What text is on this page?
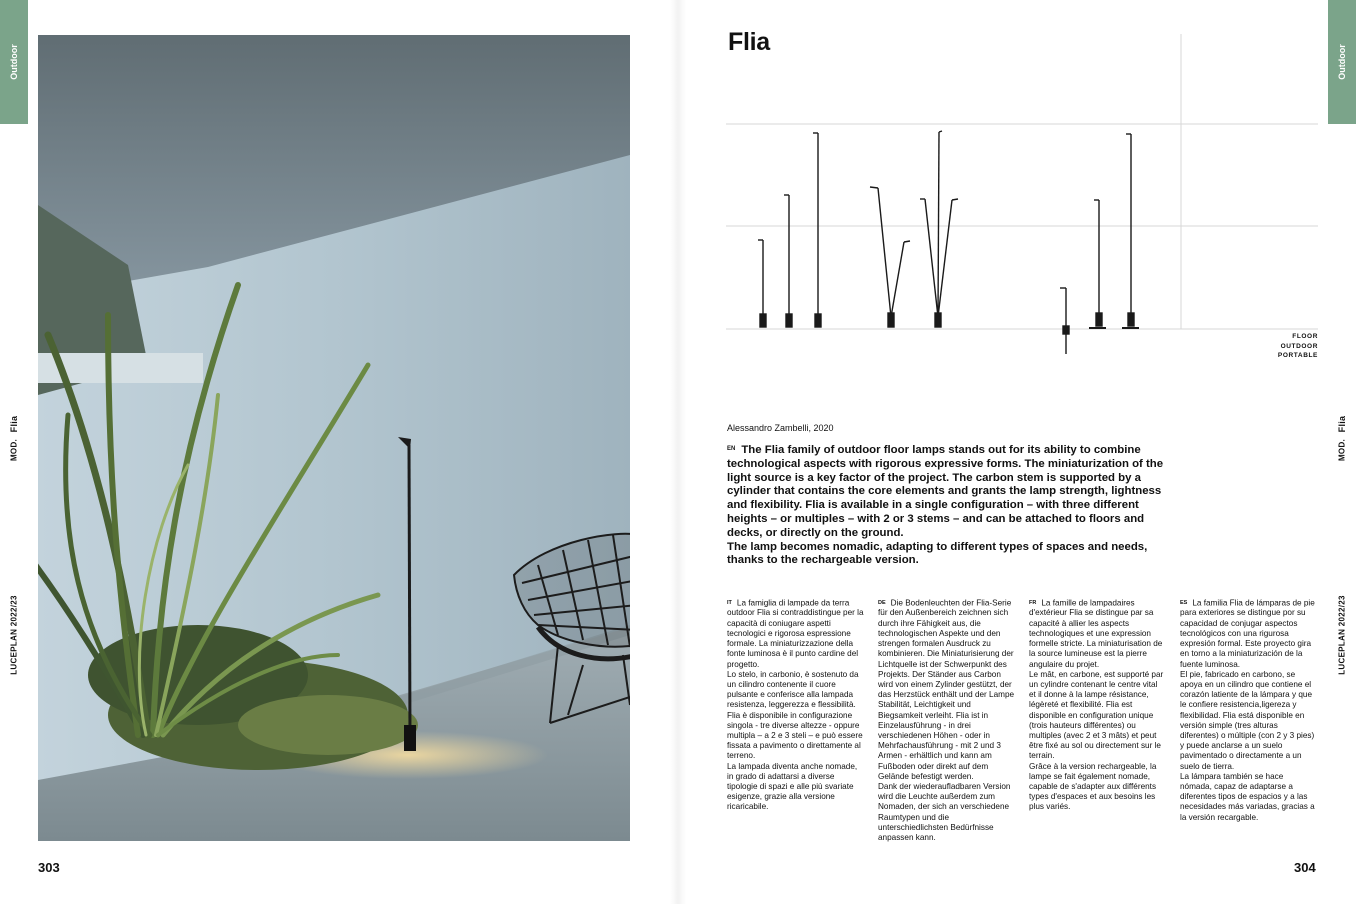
Outdoor
MOD.
Flia
LUCEPLAN 2022/23
303
Flia
FLOOR
OUTDOOR
PORTABLE
Alessandro Zambelli, 2020

EN The Flia family of outdoor floor lamps stands out for its ability to combine technological aspects with rigorous expressive forms. The miniaturization of the light source is a key factor of the project. The carbon stem is supported by a cylinder that contains the core elements and grants the lamp strength, lightness and flexibility. Flia is available in a single configuration – with three different heights – or multiples – with 2 or 3 stems – and can be attached to floors and decks, or directly on the ground.

The lamp becomes nomadic, adapting to different types of spaces and needs, thanks to the rechargeable version.

IT La famiglia di lampade da terra outdoor Flia si contraddistingue per la capacità di coniugare aspetti tecnologici e rigorosa espressione formale. La miniaturizzazione della fonte luminosa è il punto cardine del progetto.

Lo stelo, in carbonio, è sostenuto da un cilindro contenente il cuore pulsante e conferisce alla lampada resistenza, leggerezza e flessibilità. Flia è disponibile in configurazione singola - tre diverse altezze - oppure multipla – a 2 e 3 steli – e può essere fissata a pavimento o direttamente al terreno.

La lampada diventa anche nomade, in grado di adattarsi a diverse tipologie di spazi e alle più svariate esigenze, grazie alla versione ricaricabile.

DE Die Bodenleuchten der Flia-Serie für den Außenbereich zeichnen sich durch ihre Fähigkeit aus, die technologischen Aspekte und den strengen formalen Ausdruck zu kombinieren. Die Miniaturisierung der Lichtquelle ist der Schwerpunkt des Projekts. Der Ständer aus Carbon wird von einem Zylinder gestützt, der das Herzstück enthält und der Lampe Stabilität, Leichtigkeit und Biegsamkeit verleiht. Flia ist in Einzelausführung - in drei verschiedenen Höhen - oder in Mehrfachausführung - mit 2 und 3 Armen - erhältlich und kann am Fußboden oder direkt auf dem Gelände befestigt werden.

Dank der wiederaufladbaren Version wird die Leuchte außerdem zum Nomaden, der sich an verschiedene Raumtypen und die unterschiedlichsten Bedürfnisse anpassen kann.

FR La famille de lampadaires d'extérieur Flia se distingue par sa capacité à allier les aspects technologiques et une expression formelle stricte. La miniaturisation de la source lumineuse est la pierre angulaire du projet.

Le mât, en carbone, est supporté par un cylindre contenant le centre vital et il donne à la lampe résistance, légèreté et flexibilité. Flia est disponible en configuration unique (trois hauteurs différentes) ou multiples (avec 2 et 3 mâts) et peut être fixé au sol ou directement sur le terrain.

Grâce à la version rechargeable, la lampe se fait également nomade, capable de s'adapter aux différents types d'espaces et aux besoins les plus variés.

ES La familia Flia de lámparas de pie para exteriores se distingue por su capacidad de conjugar aspectos tecnológicos con una rigurosa expresión formal. Este proyecto gira en torno a la miniaturización de la fuente luminosa.

El pie, fabricado en carbono, se apoya en un cilindro que contiene el corazón latiente de la lámpara y que le confiere resistencia,ligereza y flexibilidad. Flia está disponible en versión simple (tres alturas diferentes) o múltiple (con 2 y 3 pies) y puede anclarse a un suelo pavimentado o directamente a un suelo de tierra.

La lámpara también se hace nómada, capaz de adaptarse a diferentes tipos de espacios y a las necesidades más variadas, gracias a la versión recargable.

304
Outdoor
MOD.
Flia
LUCEPLAN 2022/23
